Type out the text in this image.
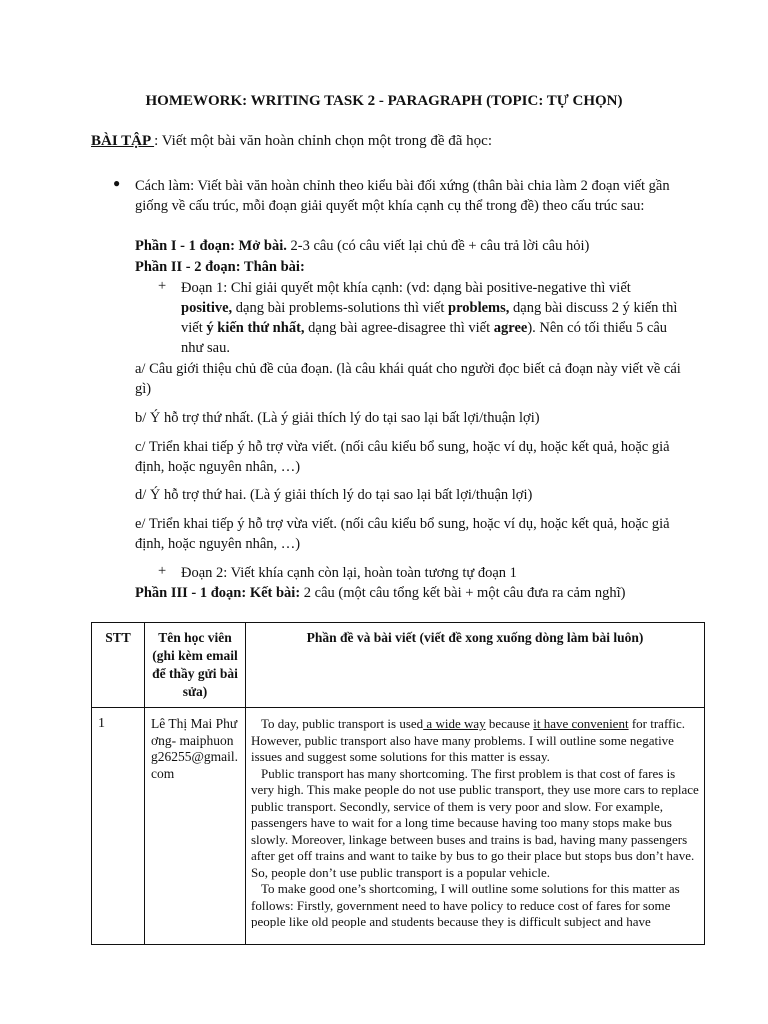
HOMEWORK: WRITING TASK 2 - PARAGRAPH (TOPIC: TỰ CHỌN)
BÀI TẬP : Viết một bài văn hoàn chỉnh chọn một trong đề đã học:
● Cách làm: Viết bài văn hoàn chỉnh theo kiểu bài đối xứng (thân bài chia làm 2 đoạn viết gần giống về cấu trúc, mỗi đoạn giải quyết một khía cạnh cụ thể trong đề) theo cấu trúc sau:
Phần I - 1 đoạn: Mở bài. 2-3 câu (có câu viết lại chủ đề + câu trả lời câu hỏi)
Phần II - 2 đoạn: Thân bài:
+ Đoạn 1: Chỉ giải quyết một khía cạnh: (vd: dạng bài positive-negative thì viết positive, dạng bài problems-solutions thì viết problems, dạng bài discuss 2 ý kiến thì viết ý kiến thứ nhất, dạng bài agree-disagree thì viết agree). Nên có tối thiểu 5 câu như sau.
a/ Câu giới thiệu chủ đề của đoạn. (là câu khái quát cho người đọc biết cả đoạn này viết về cái gì)
b/ Ý hỗ trợ thứ nhất. (Là ý giải thích lý do tại sao lại bất lợi/thuận lợi)
c/ Triển khai tiếp ý hỗ trợ vừa viết. (nối câu kiểu bổ sung, hoặc ví dụ, hoặc kết quả, hoặc giả định, hoặc nguyên nhân, …)
d/ Ý hỗ trợ thứ hai. (Là ý giải thích lý do tại sao lại bất lợi/thuận lợi)
e/ Triển khai tiếp ý hỗ trợ vừa viết. (nối câu kiểu bổ sung, hoặc ví dụ, hoặc kết quả, hoặc giả định, hoặc nguyên nhân, …)
+ Đoạn 2: Viết khía cạnh còn lại, hoàn toàn tương tự đoạn 1
Phần III - 1 đoạn: Kết bài: 2 câu (một câu tổng kết bài + một câu đưa ra cảm nghĩ)
STT	Tên học viên (ghi kèm email để thầy gửi bài sửa)	Phần đề và bài viết (viết đề xong xuống dòng làm bài luôn)
1	Lê Thị Mai Phương- maiphuong26255@gmail.com	To day, public transport is used a wide way because it have convenient for traffic. However, public transport also have many problems. I will outline some negative issues and suggest some solutions for this matter is essay.

Public transport has many shortcoming. The first problem is that cost of fares is very high. This make people do not use public transport, they use more cars to replace public transport. Secondly, service of them is very poor and slow. For example, passengers have to wait for a long time because having too many stops make bus slowly. Moreover, linkage between buses and trains is bad, having many passengers after get off trains and want to taike by bus to go their place but stops bus don’t have. So, people don’t use public transport is a popular vehicle.

To make good one’s shortcoming, I will outline some solutions for this matter as follows: Firstly, government need to have policy to reduce cost of fares for some people like old people and students because they is difficult subject and have
